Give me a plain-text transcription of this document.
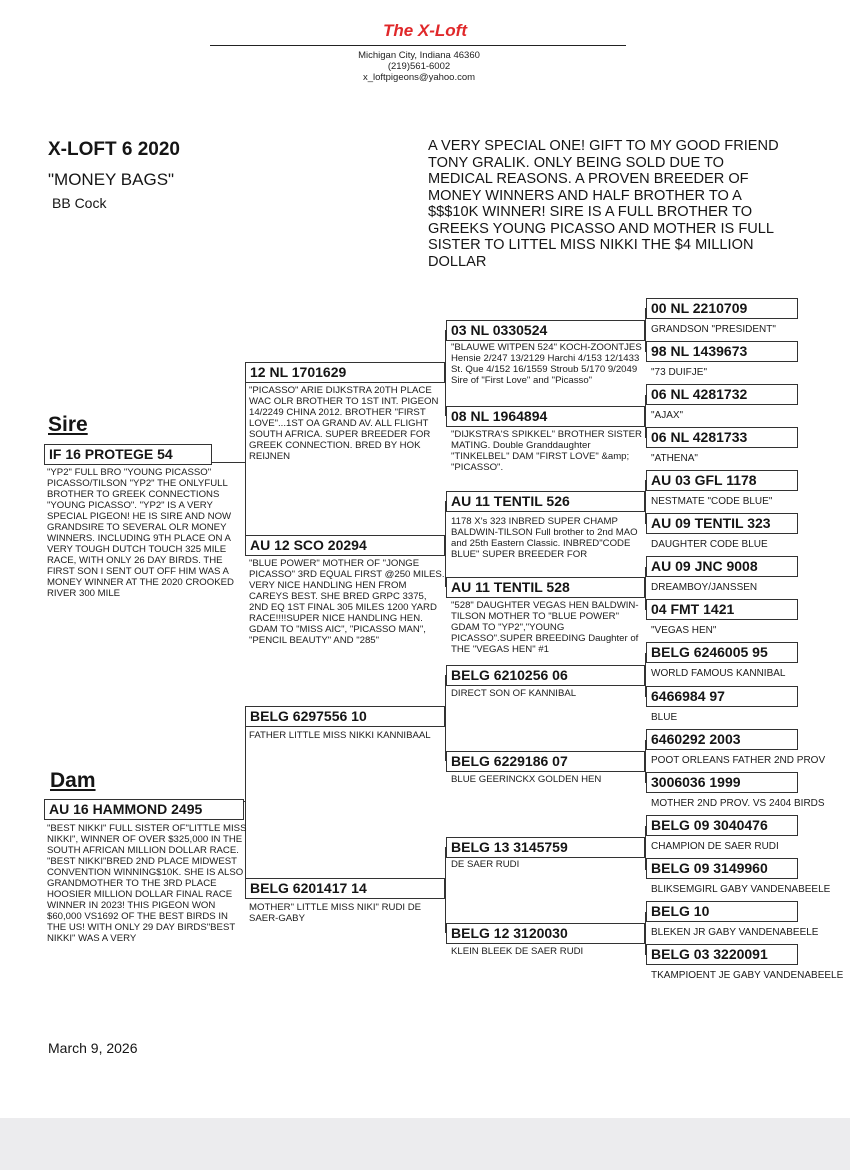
The X-Loft
Michigan City, Indiana 46360
(219)561-6002
x_loftpigeons@yahoo.com
X-LOFT 6 2020
"MONEY BAGS"
BB Cock
A VERY SPECIAL ONE! GIFT TO MY GOOD FRIEND TONY GRALIK. ONLY BEING SOLD DUE TO MEDICAL REASONS. A PROVEN BREEDER OF MONEY WINNERS AND HALF BROTHER TO A $$$10K WINNER! SIRE IS A FULL BROTHER TO GREEKS YOUNG PICASSO AND MOTHER IS FULL SISTER TO LITTEL MISS NIKKI THE $4 MILLION DOLLAR
Sire
IF 16 PROTEGE 54
"YP2" FULL BRO "YOUNG PICASSO" PICASSO/TILSON "YP2" THE ONLYFULL BROTHER TO GREEK CONNECTIONS "YOUNG PICASSO". "YP2" IS A VERY SPECIAL PIGEON! HE IS SIRE AND NOW GRANDSIRE TO SEVERAL OLR MONEY WINNERS. INCLUDING 9TH PLACE ON A VERY TOUGH DUTCH TOUCH 325 MILE RACE, WITH ONLY 26 DAY BIRDS. THE FIRST SON I SENT OUT OFF HIM WAS A MONEY WINNER AT THE 2020 CROOKED RIVER 300 MILE
Dam
AU 16 HAMMOND 2495
"BEST NIKKI" FULL SISTER OF"LITTLE MISS NIKKI", WINNER OF OVER $325,000 IN THE SOUTH AFRICAN MILLION DOLLAR RACE. "BEST NIKKI"BRED 2ND PLACE MIDWEST CONVENTION WINNING$10K. SHE IS ALSO GRANDMOTHER TO THE 3RD PLACE HOOSIER MILLION DOLLAR FINAL RACE WINNER IN 2023! THIS PIGEON WON $60,000 VS1692 OF THE BEST BIRDS IN THE US! WITH ONLY 29 DAY BIRDS"BEST NIKKI" WAS A VERY
12 NL 1701629
"PICASSO" ARIE DIJKSTRA 20TH PLACE WAC OLR BROTHER TO 1ST INT. PIGEON 14/2249 CHINA 2012. BROTHER "FIRST LOVE"...1ST OA GRAND AV. ALL FLIGHT SOUTH AFRICA. SUPER BREEDER FOR GREEK CONNECTION. BRED BY HOK REIJNEN
AU 12 SCO 20294
"BLUE POWER" MOTHER OF "JONGE PICASSO" 3RD EQUAL FIRST @250 MILES. VERY NICE HANDLING HEN FROM CAREYS BEST. SHE BRED GRPC 3375, 2ND EQ 1ST FINAL 305 MILES 1200 YARD RACE!!!!SUPER NICE HANDLING HEN. GDAM TO "MISS AIC", "PICASSO MAN", "PENCIL BEAUTY" AND "285"
BELG 6297556 10
FATHER LITTLE MISS NIKKI KANNIBAAL
BELG 6201417 14
MOTHER" LITTLE MISS NIKI" RUDI DE SAER-GABY
03 NL 0330524
"BLAUWE WITPEN 524" KOCH-ZOONTJES Hensie 2/247 13/2129 Harchi 4/153 12/1433 St. Que 4/152 16/1559 Stroub 5/170 9/2049 Sire of "First Love" and "Picasso"
08 NL 1964894
"DIJKSTRA'S SPIKKEL" BROTHER SISTER MATING. Double Granddaughter "TINKELBEL" DAM "FIRST LOVE" &amp; "PICASSO".
AU 11 TENTIL 526
1178 X's 323 INBRED SUPER CHAMP BALDWIN-TILSON Full brother to 2nd MAO and 25th Eastern Classic. INBRED"CODE BLUE" SUPER BREEDER FOR
AU 11 TENTIL 528
"528" DAUGHTER VEGAS HEN BALDWIN-TILSON MOTHER TO "BLUE POWER" GDAM TO "YP2","YOUNG PICASSO".SUPER BREEDING Daughter of THE "VEGAS HEN" #1
BELG 6210256 06
DIRECT SON OF KANNIBAL
BELG 6229186 07
BLUE GEERINCKX GOLDEN HEN
BELG 13 3145759
DE SAER RUDI
BELG 12 3120030
KLEIN BLEEK DE SAER RUDI
00 NL 2210709
GRANDSON "PRESIDENT"
98 NL 1439673
"73 DUIFJE"
06 NL 4281732
"AJAX"
06 NL 4281733
"ATHENA"
AU 03 GFL 1178
NESTMATE "CODE BLUE"
AU 09 TENTIL 323
DAUGHTER CODE BLUE
AU 09 JNC 9008
DREAMBOY/JANSSEN
04 FMT 1421
"VEGAS HEN"
BELG 6246005 95
WORLD FAMOUS KANNIBAL
6466984 97
BLUE
6460292 2003
POOT ORLEANS FATHER 2ND PROV
3006036 1999
MOTHER 2ND PROV. VS 2404 BIRDS
BELG 09 3040476
CHAMPION DE SAER RUDI
BELG 09 3149960
BLIKSEMGIRL GABY VANDENABEELE
BELG 10
BLEKEN JR GABY VANDENABEELE
BELG 03 3220091
TKAMPIOENT JE GABY VANDENABEELE
March 9, 2026
